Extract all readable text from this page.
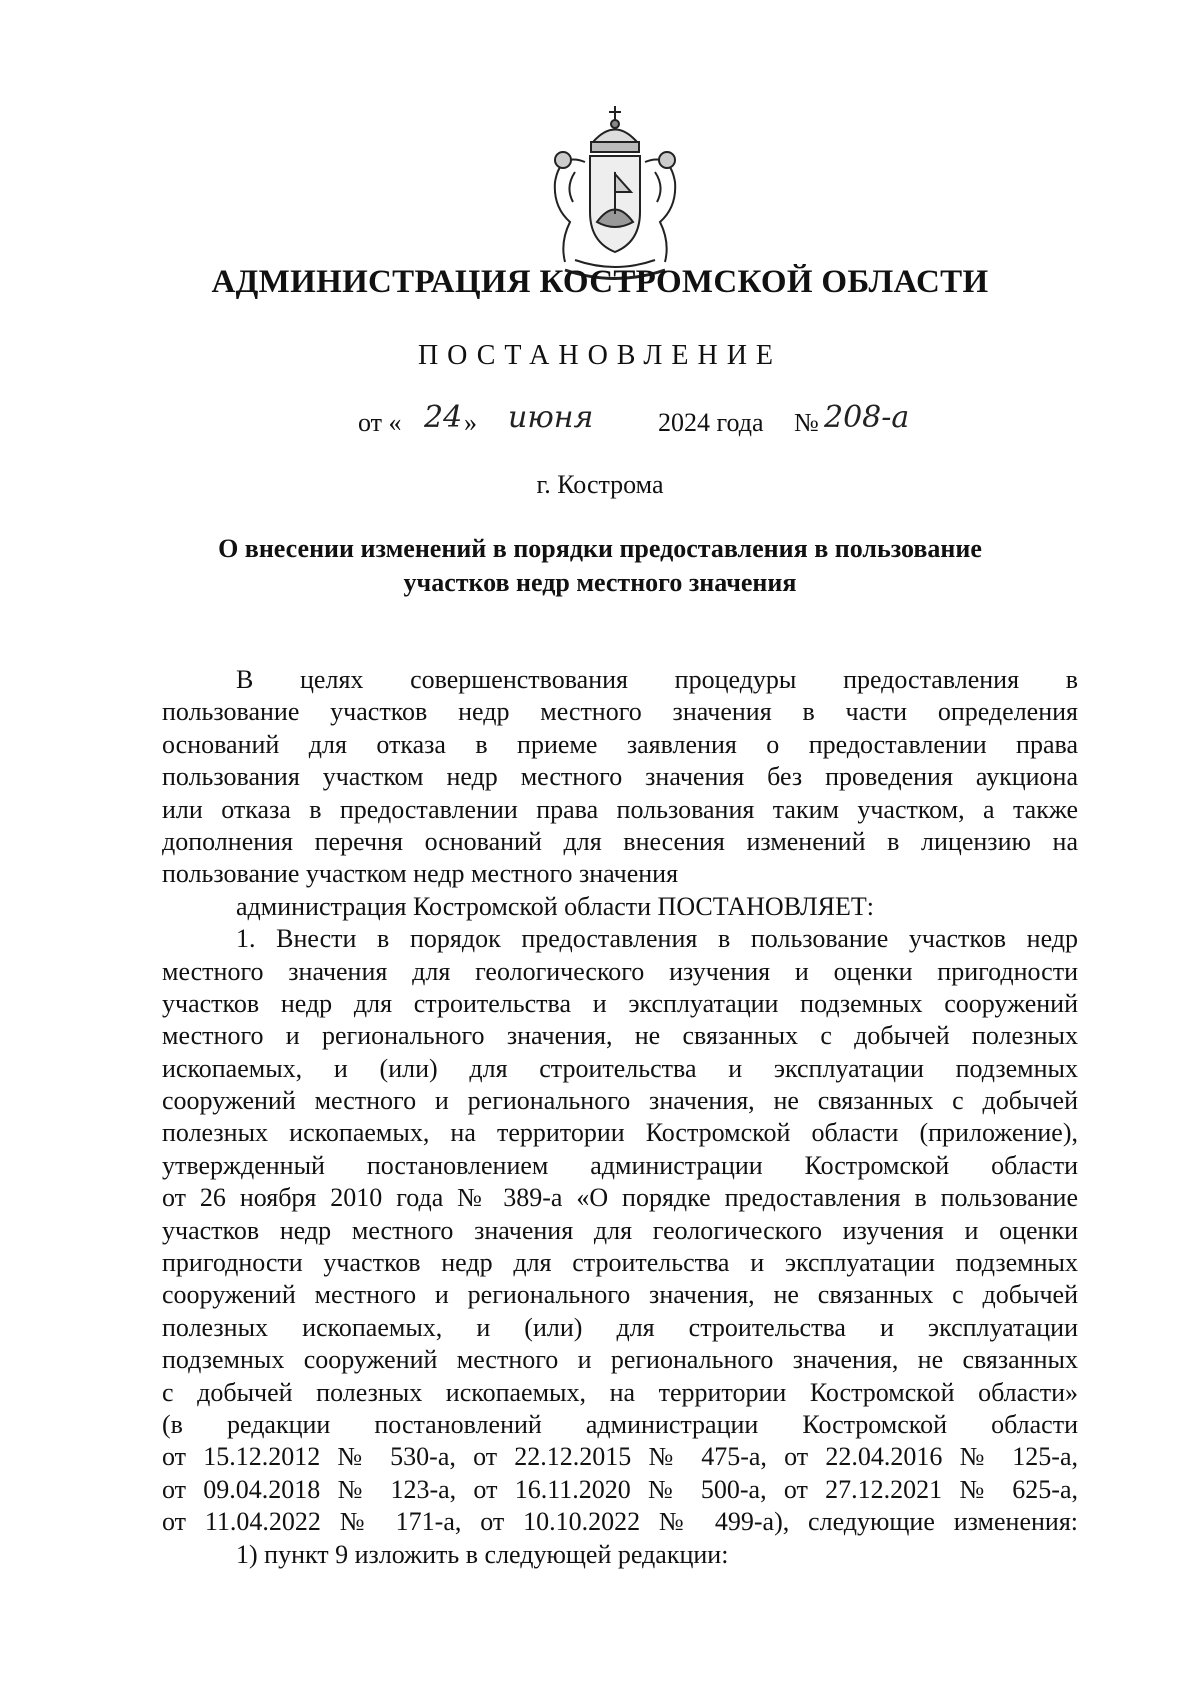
АДМИНИСТРАЦИЯ КОСТРОМСКОЙ ОБЛАСТИ
ПОСТАНОВЛЕНИЕ
от « 24 » июня 2024 года № 208-а
г. Кострома
О внесении изменений в порядки предоставления в пользование
участков недр местного значения
В целях совершенствования процедуры предоставления в
пользование участков недр местного значения в части определения
оснований для отказа в приеме заявления о предоставлении права
пользования участком недр местного значения без проведения аукциона
или отказа в предоставлении права пользования таким участком, а также
дополнения перечня оснований для внесения изменений в лицензию на
пользование участком недр местного значения
администрация Костромской области ПОСТАНОВЛЯЕТ:
1. Внести в порядок предоставления в пользование участков недр
местного значения для геологического изучения и оценки пригодности
участков недр для строительства и эксплуатации подземных сооружений
местного и регионального значения, не связанных с добычей полезных
ископаемых, и (или) для строительства и эксплуатации подземных
сооружений местного и регионального значения, не связанных с добычей
полезных ископаемых, на территории Костромской области (приложение),
утвержденный постановлением администрации Костромской области
от 26 ноября 2010 года № 389-а «О порядке предоставления в пользование
участков недр местного значения для геологического изучения и оценки
пригодности участков недр для строительства и эксплуатации подземных
сооружений местного и регионального значения, не связанных с добычей
полезных ископаемых, и (или) для строительства и эксплуатации
подземных сооружений местного и регионального значения, не связанных
с добычей полезных ископаемых, на территории Костромской области»
(в редакции постановлений администрации Костромской области
от 15.12.2012 № 530-а, от 22.12.2015 № 475-а, от 22.04.2016 № 125-а,
от 09.04.2018 № 123-а, от 16.11.2020 № 500-а, от 27.12.2021 № 625-а,
от 11.04.2022 № 171-а, от 10.10.2022 № 499-а), следующие изменения:
1) пункт 9 изложить в следующей редакции:
